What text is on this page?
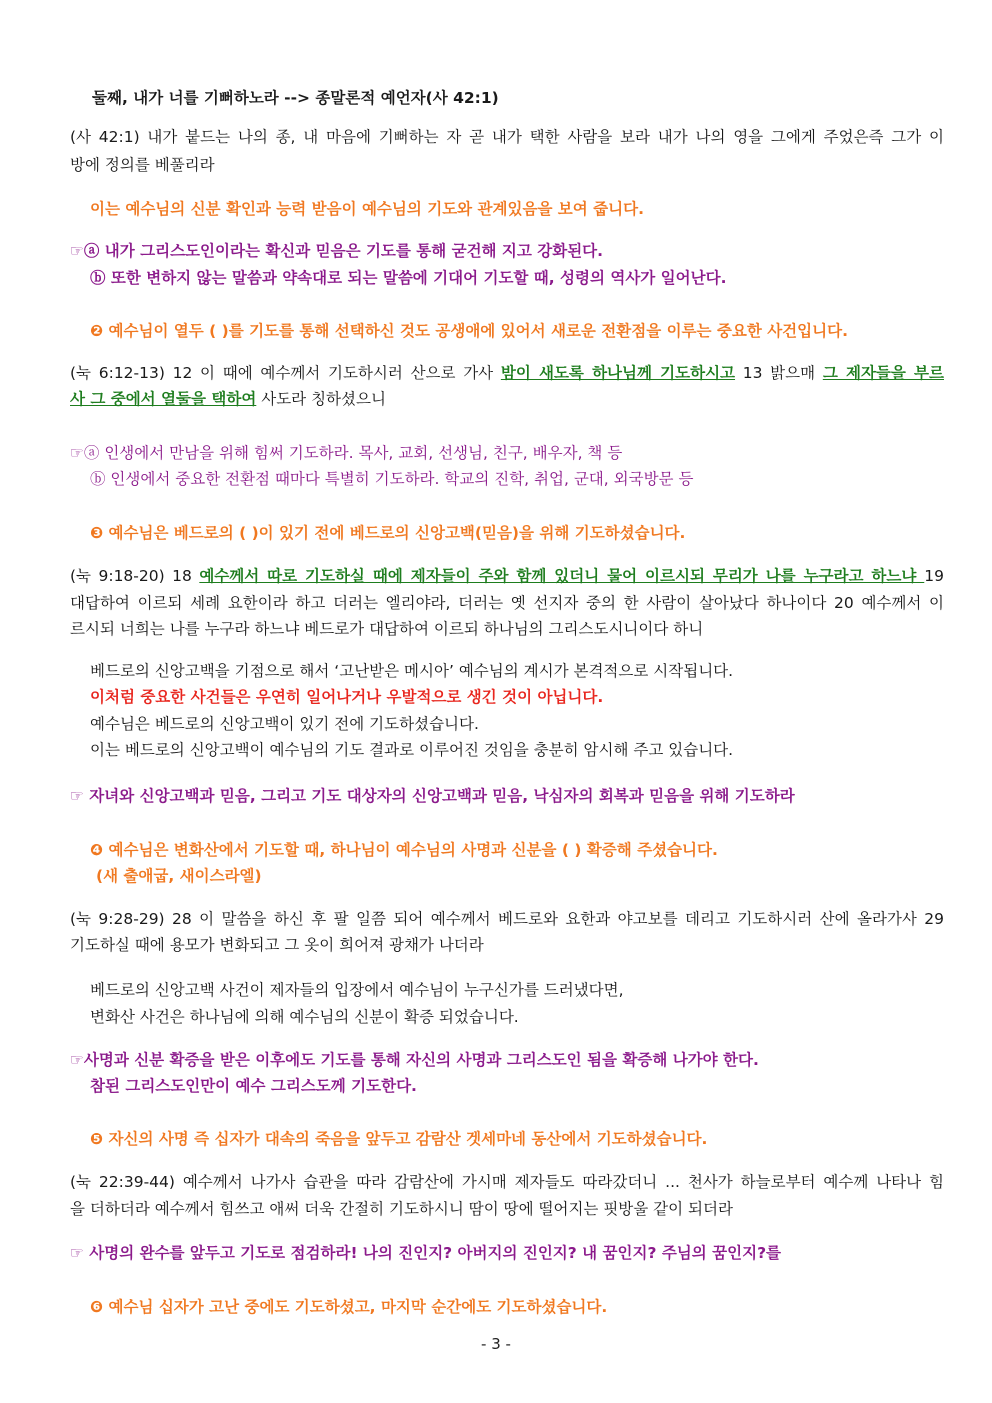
둘째, 내가 너를 기뻐하노라 --> 종말론적 예언자(사 42:1)
(사 42:1) 내가 붙드는 나의 종, 내 마음에 기뻐하는 자 곧 내가 택한 사람을 보라 내가 나의 영을 그에게 주었은즉 그가 이
방에 정의를 베풀리라
이는 예수님의 신분 확인과 능력 받음이 예수님의 기도와 관계있음을 보여 줍니다.
☞ⓐ 내가 그리스도인이라는 확신과 믿음은 기도를 통해 굳건해 지고 강화된다.
ⓑ 또한 변하지 않는 말씀과 약속대로 되는 말씀에 기대어 기도할 때, 성령의 역사가 일어난다.
❷ 예수님이 열두 ( )를 기도를 통해 선택하신 것도 공생애에 있어서 새로운 전환점을 이루는 중요한 사건입니다.
(눅 6:12-13) 12 이 때에 예수께서 기도하시러 산으로 가사 밤이 새도록 하나님께 기도하시고 13 밝으매 그 제자들을 부르
사 그 중에서 열둘을 택하여 사도라 칭하셨으니
☞ⓐ 인생에서 만남을 위해 힘써 기도하라. 목사, 교회, 선생님, 친구, 배우자, 책 등
ⓑ 인생에서 중요한 전환점 때마다 특별히 기도하라. 학교의 진학, 취업, 군대, 외국방문 등
❸ 예수님은 베드로의 ( )이 있기 전에 베드로의 신앙고백(믿음)을 위해 기도하셨습니다.
(눅 9:18-20) 18 예수께서 따로 기도하실 때에 제자들이 주와 함께 있더니 물어 이르시되 무리가 나를 누구라고 하느냐 19
대답하여 이르되 세례 요한이라 하고 더러는 엘리야라, 더러는 옛 선지자 중의 한 사람이 살아났다 하나이다 20 예수께서 이
르시되 너희는 나를 누구라 하느냐 베드로가 대답하여 이르되 하나님의 그리스도시니이다 하니
베드로의 신앙고백을 기점으로 해서 ‘고난받은 메시아’ 예수님의 계시가 본격적으로 시작됩니다.
이처럼 중요한 사건들은 우연히 일어나거나 우발적으로 생긴 것이 아닙니다.
예수님은 베드로의 신앙고백이 있기 전에 기도하셨습니다.
이는 베드로의 신앙고백이 예수님의 기도 결과로 이루어진 것임을 충분히 암시해 주고 있습니다.
☞ 자녀와 신앙고백과 믿음, 그리고 기도 대상자의 신앙고백과 믿음, 낙심자의 회복과 믿음을 위해 기도하라
❹ 예수님은 변화산에서 기도할 때, 하나님이 예수님의 사명과 신분을 ( ) 확증해 주셨습니다.
(새 출애굽, 새이스라엘)
(눅 9:28-29) 28 이 말씀을 하신 후 팔 일쯤 되어 예수께서 베드로와 요한과 야고보를 데리고 기도하시러 산에 올라가사 29
기도하실 때에 용모가 변화되고 그 옷이 희어져 광채가 나더라
베드로의 신앙고백 사건이 제자들의 입장에서 예수님이 누구신가를 드러냈다면,
변화산 사건은 하나님에 의해 예수님의 신분이 확증 되었습니다.
☞사명과 신분 확증을 받은 이후에도 기도를 통해 자신의 사명과 그리스도인 됨을 확증해 나가야 한다.
참된 그리스도인만이 예수 그리스도께 기도한다.
❺ 자신의 사명 즉 십자가 대속의 죽음을 앞두고 감람산 겟세마네 동산에서 기도하셨습니다.
(눅 22:39-44) 예수께서 나가사 습관을 따라 감람산에 가시매 제자들도 따라갔더니 ... 천사가 하늘로부터 예수께 나타나 힘
을 더하더라 예수께서 힘쓰고 애써 더욱 간절히 기도하시니 땀이 땅에 떨어지는 핏방울 같이 되더라
☞ 사명의 완수를 앞두고 기도로 점검하라! 나의 진인지? 아버지의 진인지? 내 꿈인지? 주님의 꿈인지?를
❻ 예수님 십자가 고난 중에도 기도하셨고, 마지막 순간에도 기도하셨습니다.
- 3 -
